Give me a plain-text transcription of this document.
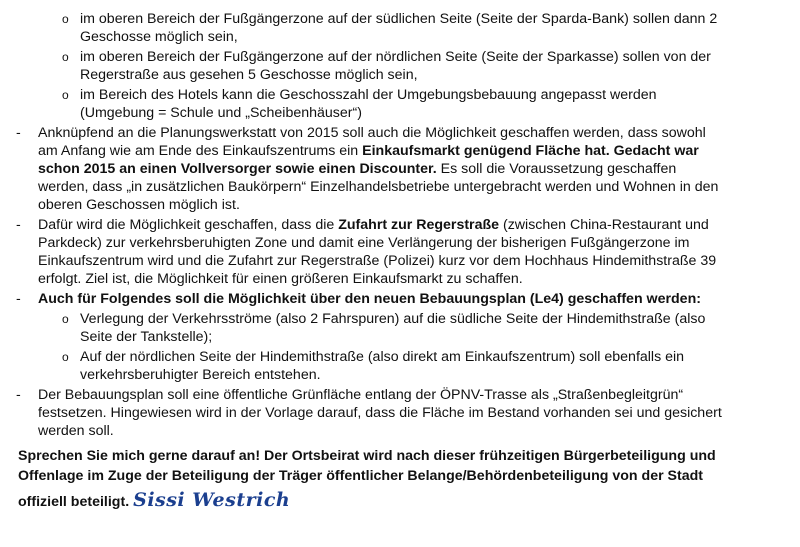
o im oberen Bereich der Fußgängerzone auf der südlichen Seite (Seite der Sparda-Bank) sollen dann 2
Geschosse möglich sein,
o im oberen Bereich der Fußgängerzone auf der nördlichen Seite (Seite der Sparkasse) sollen von der
Regerstraße aus gesehen 5 Geschosse möglich sein,
o im Bereich des Hotels kann die Geschosszahl der Umgebungsbebauung angepasst werden
(Umgebung = Schule und „Scheibenhäuser“)
- Anknüpfend an die Planungswerkstatt von 2015 soll auch die Möglichkeit geschaffen werden, dass sowohl
am Anfang wie am Ende des Einkaufszentrums ein Einkaufsmarkt genügend Fläche hat. Gedacht war
schon 2015 an einen Vollversorger sowie einen Discounter. Es soll die Voraussetzung geschaffen
werden, dass „in zusätzlichen Baukörpern“ Einzelhandelsbetriebe untergebracht werden und Wohnen in den
oberen Geschossen möglich ist.
- Dafür wird die Möglichkeit geschaffen, dass die Zufahrt zur Regerstraße (zwischen China-Restaurant und
Parkdeck) zur verkehrsberuhigten Zone und damit eine Verlängerung der bisherigen Fußgängerzone im
Einkaufszentrum wird und die Zufahrt zur Regerstraße (Polizei) kurz vor dem Hochhaus Hindemithstraße 39
erfolgt. Ziel ist, die Möglichkeit für einen größeren Einkaufsmarkt zu schaffen.
- Auch für Folgendes soll die Möglichkeit über den neuen Bebauungsplan (Le4) geschaffen werden:
o Verlegung der Verkehrsströme (also 2 Fahrspuren) auf die südliche Seite der Hindemithstraße (also
Seite der Tankstelle);
o Auf der nördlichen Seite der Hindemithstraße (also direkt am Einkaufszentrum) soll ebenfalls ein
verkehrsberuhigter Bereich entstehen.
- Der Bebauungsplan soll eine öffentliche Grünfläche entlang der ÖPNV-Trasse als „Straßenbegleitgrün“
festsetzen. Hingewiesen wird in der Vorlage darauf, dass die Fläche im Bestand vorhanden sei und gesichert
werden soll.
Sprechen Sie mich gerne darauf an! Der Ortsbeirat wird nach dieser frühzeitigen Bürgerbeteiligung und
Offenlage im Zuge der Beteiligung der Träger öffentlicher Belange/Behördenbeteiligung von der Stadt
offiziell beteiligt. Sissi Westrich
